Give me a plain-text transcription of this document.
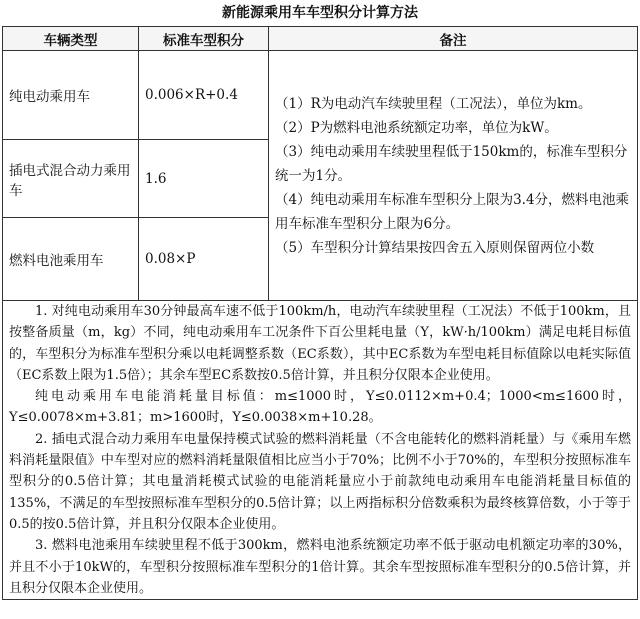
新能源乘用车车型积分计算方法
车辆类型	标准车型积分	备注
纯电动乘用车	0.006×R+0.4	（1）R为电动汽车续驶里程（工况法），单位为km。

（2）P为燃料电池系统额定功率，单位为kW。

（3）纯电动乘用车续驶里程低于150km的，标准车型积分统一为1分。

（4）纯电动乘用车标准车型积分上限为3.4分，燃料电池乘用车标准车型积分上限为6分。

（5）车型积分计算结果按四舍五入原则保留两位小数

插电式混合动力乘用车	1.6	
燃料电池乘用车	0.08×P	

1. 对纯电动乘用车30分钟最高车速不低于100km/h，电动汽车续驶里程（工况法）不低于100km，且按整备质量（m，kg）不同，纯电动乘用车工况条件下百公里耗电量（Y，kW·h/100km）满足电耗目标值的，车型积分为标准车型积分乘以电耗调整系数（EC系数），其中EC系数为车型电耗目标值除以电耗实际值（EC系数上限为1.5倍）；其余车型EC系数按0.5倍计算，并且积分仅限本企业使用。

纯电动乘用车电能消耗量目标值：m≤1000时，Y≤0.0112×m+0.4；1000<m≤1600时，Y≤0.0078×m+3.81；m>1600时，Y≤0.0038×m+10.28。

2. 插电式混合动力乘用车电量保持模式试验的燃料消耗量（不含电能转化的燃料消耗量）与《乘用车燃料消耗量限值》中车型对应的燃料消耗量限值相比应当小于70%；比例不小于70%的，车型积分按照标准车型积分的0.5倍计算；其电量消耗模式试验的电能消耗量应小于前款纯电动乘用车电能消耗量目标值的135%，不满足的车型按照标准车型积分的0.5倍计算；以上两指标积分倍数乘积为最终核算倍数，小于等于0.5的按0.5倍计算，并且积分仅限本企业使用。

3. 燃料电池乘用车续驶里程不低于300km，燃料电池系统额定功率不低于驱动电机额定功率的30%，并且不小于10kW的，车型积分按照标准车型积分的1倍计算。其余车型按照标准车型积分的0.5倍计算，并且积分仅限本企业使用。		
